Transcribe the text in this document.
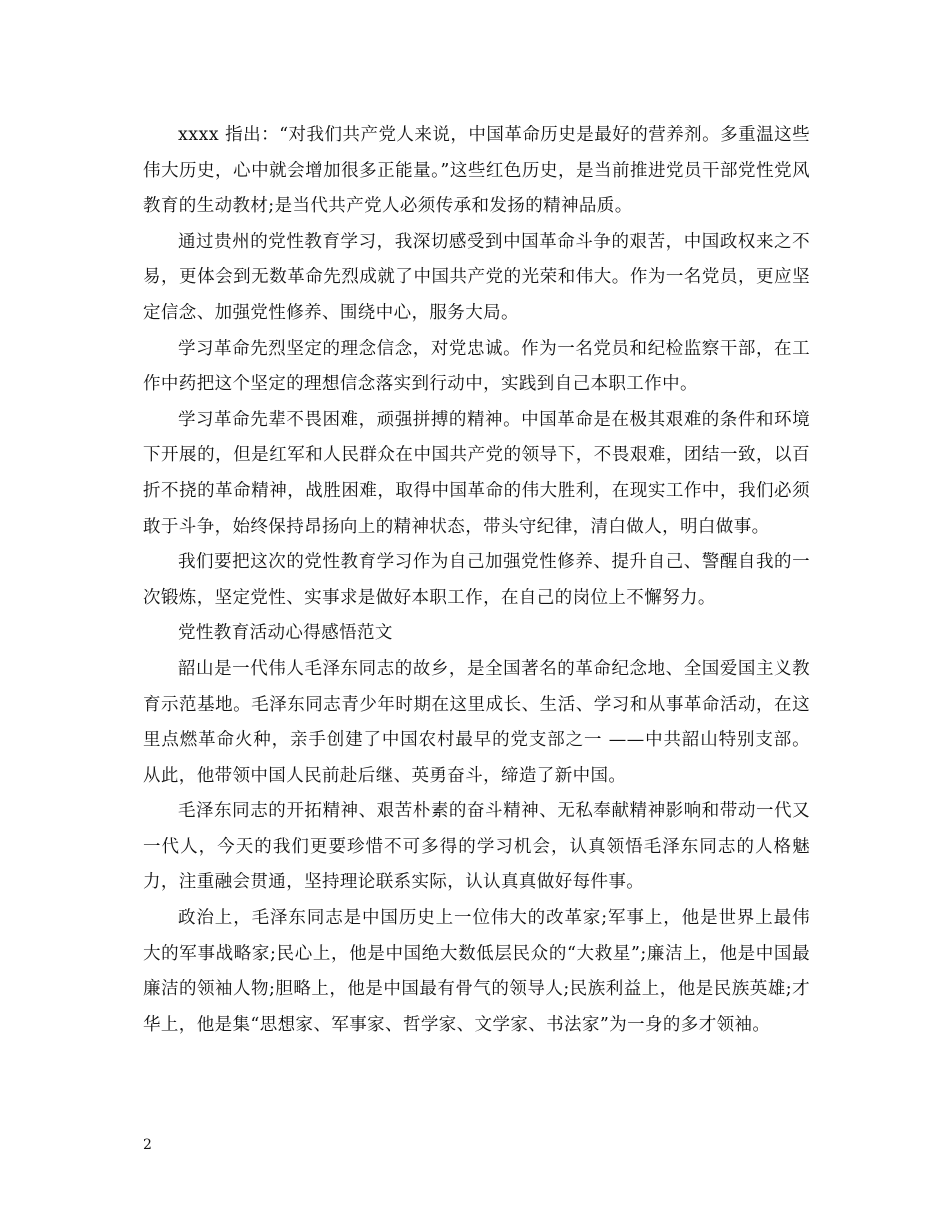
xxxx 指出：“对我们共产党人来说，中国革命历史是最好的营养剂。多重温这些伟大历史，心中就会增加很多正能量。”这些红色历史，是当前推进党员干部党性党风教育的生动教材;是当代共产党人必须传承和发扬的精神品质。

通过贵州的党性教育学习，我深切感受到中国革命斗争的艰苦，中国政权来之不易，更体会到无数革命先烈成就了中国共产党的光荣和伟大。作为一名党员，更应坚定信念、加强党性修养、围绕中心，服务大局。

学习革命先烈坚定的理念信念，对党忠诚。作为一名党员和纪检监察干部，在工作中药把这个坚定的理想信念落实到行动中，实践到自己本职工作中。

学习革命先辈不畏困难，顽强拼搏的精神。中国革命是在极其艰难的条件和环境下开展的，但是红军和人民群众在中国共产党的领导下，不畏艰难，团结一致，以百折不挠的革命精神，战胜困难，取得中国革命的伟大胜利，在现实工作中，我们必须敢于斗争，始终保持昂扬向上的精神状态，带头守纪律，清白做人，明白做事。

我们要把这次的党性教育学习作为自己加强党性修养、提升自己、警醒自我的一次锻炼，坚定党性、实事求是做好本职工作，在自己的岗位上不懈努力。

党性教育活动心得感悟范文

韶山是一代伟人毛泽东同志的故乡，是全国著名的革命纪念地、全国爱国主义教育示范基地。毛泽东同志青少年时期在这里成长、生活、学习和从事革命活动，在这里点燃革命火种，亲手创建了中国农村最早的党支部之一 ——中共韶山特别支部。从此，他带领中国人民前赴后继、英勇奋斗，缔造了新中国。

毛泽东同志的开拓精神、艰苦朴素的奋斗精神、无私奉献精神影响和带动一代又一代人，今天的我们更要珍惜不可多得的学习机会，认真领悟毛泽东同志的人格魅力，注重融会贯通，坚持理论联系实际，认认真真做好每件事。

政治上，毛泽东同志是中国历史上一位伟大的改革家;军事上，他是世界上最伟大的军事战略家;民心上，他是中国绝大数低层民众的“大救星”;廉洁上，他是中国最廉洁的领袖人物;胆略上，他是中国最有骨气的领导人;民族利益上，他是民族英雄;才华上，他是集“思想家、军事家、哲学家、文学家、书法家”为一身的多才领袖。

2
